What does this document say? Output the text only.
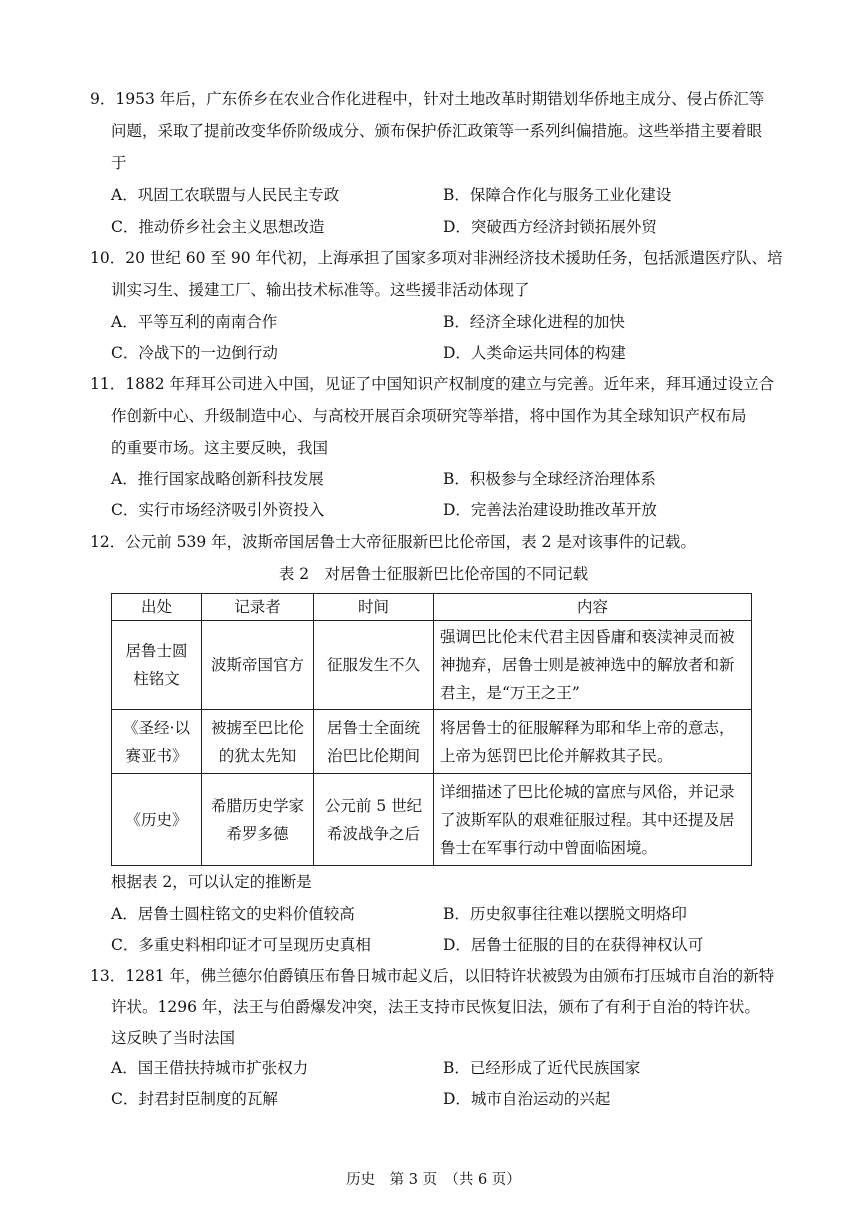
9．1953 年后，广东侨乡在农业合作化进程中，针对土地改革时期错划华侨地主成分、侵占侨汇等
问题，采取了提前改变华侨阶级成分、颁布保护侨汇政策等一系列纠偏措施。这些举措主要着眼
于
A．巩固工农联盟与人民民主专政	B．保障合作化与服务工业化建设
C．推动侨乡社会主义思想改造	D．突破西方经济封锁拓展外贸
10．20 世纪 60 至 90 年代初，上海承担了国家多项对非洲经济技术援助任务，包括派遣医疗队、培
训实习生、援建工厂、输出技术标准等。这些援非活动体现了
A．平等互利的南南合作	B．经济全球化进程的加快
C．冷战下的一边倒行动	D．人类命运共同体的构建
11．1882 年拜耳公司进入中国，见证了中国知识产权制度的建立与完善。近年来，拜耳通过设立合
作创新中心、升级制造中心、与高校开展百余项研究等举措，将中国作为其全球知识产权布局
的重要市场。这主要反映，我国
A．推行国家战略创新科技发展	B．积极参与全球经济治理体系
C．实行市场经济吸引外资投入	D．完善法治建设助推改革开放
12．公元前 539 年，波斯帝国居鲁士大帝征服新巴比伦帝国，表 2 是对该事件的记载。
表 2　对居鲁士征服新巴比伦帝国的不同记载
出处	记录者	时间	内容
居鲁士圆柱铭文	波斯帝国官方	征服发生不久	强调巴比伦末代君主因昏庸和亵渎神灵而被神抛弃，居鲁士则是被神选中的解放者和新君主，是“万王之王”
《圣经·以赛亚书》	被掳至巴比伦的犹太先知	居鲁士全面统治巴比伦期间	将居鲁士的征服解释为耶和华上帝的意志，上帝为惩罚巴比伦并解救其子民。
《历史》	希腊历史学家希罗多德	公元前 5 世纪希波战争之后	详细描述了巴比伦城的富庶与风俗，并记录了波斯军队的艰难征服过程。其中还提及居鲁士在军事行动中曾面临困境。
根据表 2，可以认定的推断是
A．居鲁士圆柱铭文的史料价值较高	B．历史叙事往往难以摆脱文明烙印
C．多重史料相印证才可呈现历史真相	D．居鲁士征服的目的在获得神权认可
13．1281 年，佛兰德尔伯爵镇压布鲁日城市起义后，以旧特许状被毁为由颁布打压城市自治的新特
许状。1296 年，法王与伯爵爆发冲突，法王支持市民恢复旧法，颁布了有利于自治的特许状。
这反映了当时法国
A．国王借扶持城市扩张权力	B．已经形成了近代民族国家
C．封君封臣制度的瓦解	D．城市自治运动的兴起
历史　第 3 页　（共 6 页）
